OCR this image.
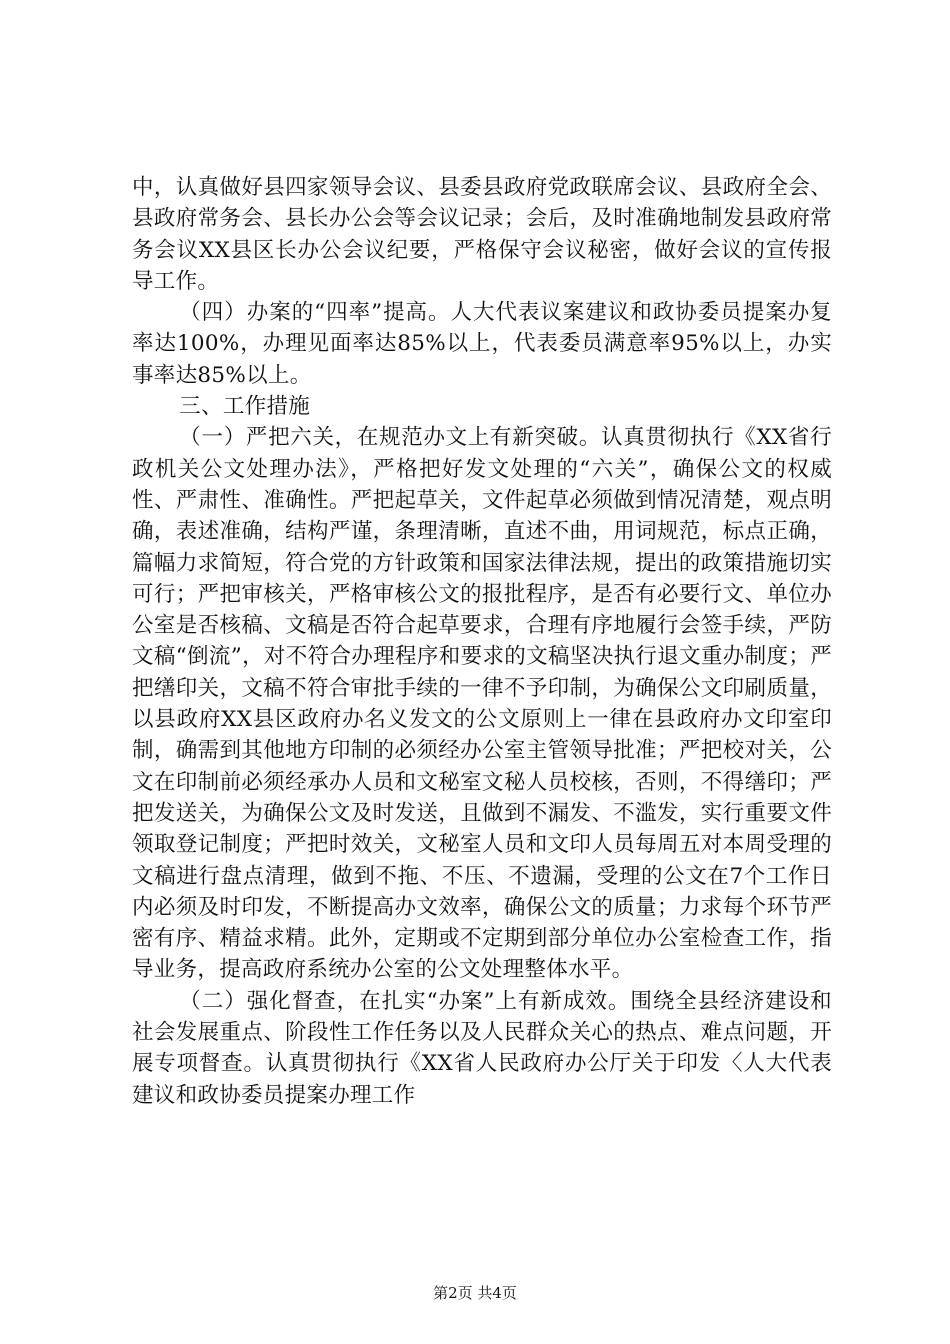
中，认真做好县四家领导会议、县委县政府党政联席会议、县政府全会、县政府常务会、县长办公会等会议记录；会后，及时准确地制发县政府常务会议XX县区长办公会议纪要，严格保守会议秘密，做好会议的宣传报导工作。

（四）办案的“四率”提高。人大代表议案建议和政协委员提案办复率达100%，办理见面率达85%以上，代表委员满意率95%以上，办实事率达85%以上。

三、工作措施

（一）严把六关，在规范办文上有新突破。认真贯彻执行《XX省行政机关公文处理办法》，严格把好发文处理的“六关”，确保公文的权威性、严肃性、准确性。严把起草关，文件起草必须做到情况清楚，观点明确，表述准确，结构严谨，条理清晰，直述不曲，用词规范，标点正确，篇幅力求简短，符合党的方针政策和国家法律法规，提出的政策措施切实可行；严把审核关，严格审核公文的报批程序，是否有必要行文、单位办公室是否核稿、文稿是否符合起草要求，合理有序地履行会签手续，严防文稿“倒流”，对不符合办理程序和要求的文稿坚决执行退文重办制度；严把缮印关，文稿不符合审批手续的一律不予印制，为确保公文印刷质量，以县政府XX县区政府办名义发文的公文原则上一律在县政府办文印室印制，确需到其他地方印制的必须经办公室主管领导批准；严把校对关，公文在印制前必须经承办人员和文秘室文秘人员校核，否则，不得缮印；严把发送关，为确保公文及时发送，且做到不漏发、不滥发，实行重要文件领取登记制度；严把时效关，文秘室人员和文印人员每周五对本周受理的文稿进行盘点清理，做到不拖、不压、不遗漏，受理的公文在7个工作日内必须及时印发，不断提高办文效率，确保公文的质量；力求每个环节严密有序、精益求精。此外，定期或不定期到部分单位办公室检查工作，指导业务，提高政府系统办公室的公文处理整体水平。

（二）强化督查，在扎实“办案”上有新成效。围绕全县经济建设和社会发展重点、阶段性工作任务以及人民群众关心的热点、难点问题，开展专项督查。认真贯彻执行《XX省人民政府办公厅关于印发〈人大代表建议和政协委员提案办理工作

第2页 共4页
